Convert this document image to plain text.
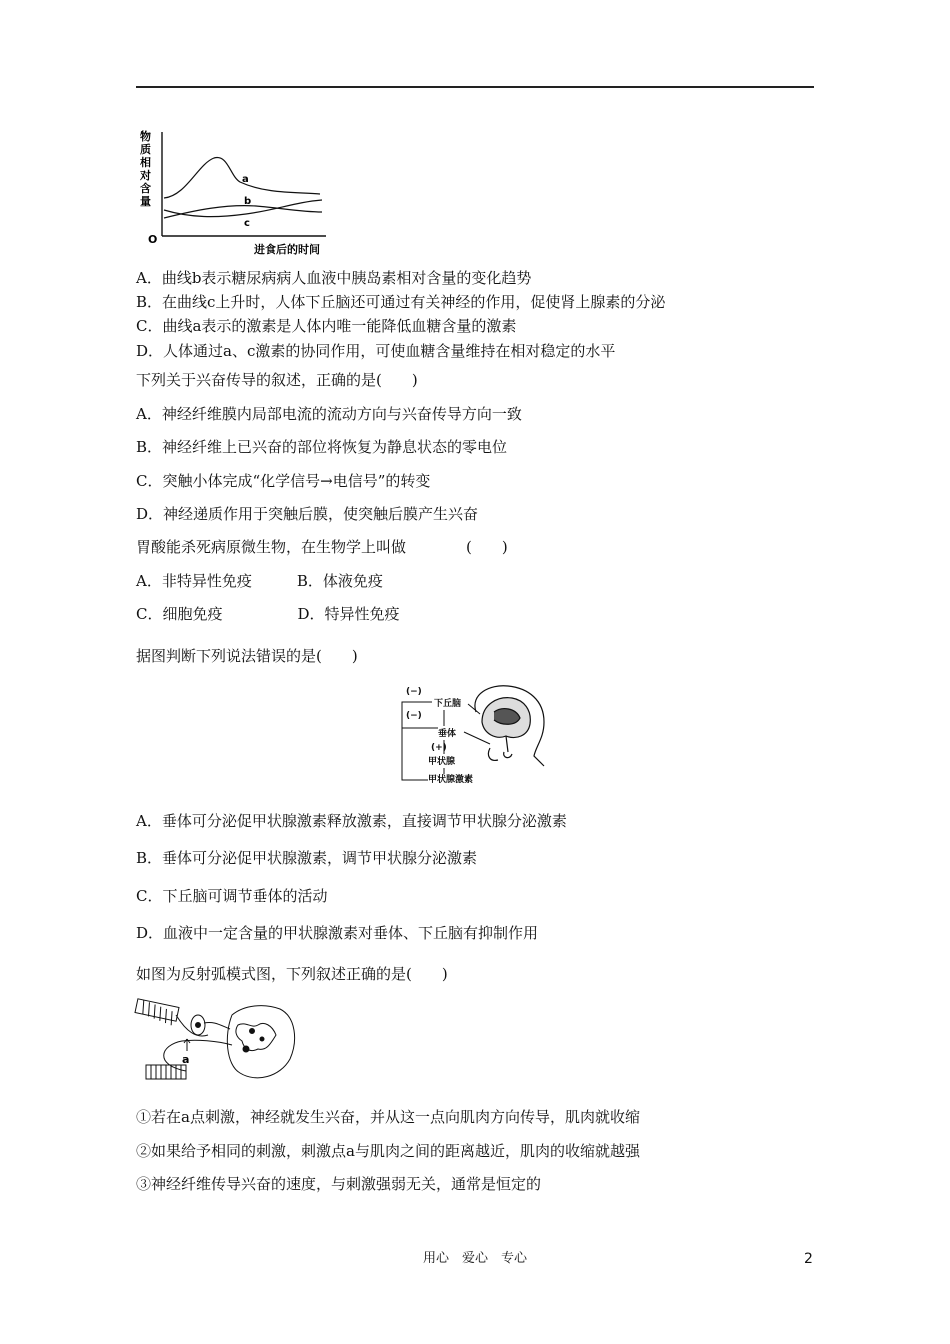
物质相对含量
O
进食后的时间
a
b
c
A．曲线b表示糖尿病病人血液中胰岛素相对含量的变化趋势
B．在曲线c上升时，人体下丘脑还可通过有关神经的作用，促使肾上腺素的分泌
C．曲线a表示的激素是人体内唯一能降低血糖含量的激素
D．人体通过a、c激素的协同作用，可使血糖含量维持在相对稳定的水平
下列关于兴奋传导的叙述，正确的是(　　)
A．神经纤维膜内局部电流的流动方向与兴奋传导方向一致
B．神经纤维上已兴奋的部位将恢复为静息状态的零电位
C．突触小体完成“化学信号→电信号”的转变
D．神经递质作用于突触后膜，使突触后膜产生兴奋
胃酸能杀死病原微生物，在生物学上叫做　　　　(　　)
A．非特异性免疫　　　B．体液免疫
C．细胞免疫　　　　　D．特异性免疫
据图判断下列说法错误的是(　　)
(−)
下丘脑
(−)
垂体
(+)
甲状腺
甲状腺激素
A．垂体可分泌促甲状腺激素释放激素，直接调节甲状腺分泌激素
B．垂体可分泌促甲状腺激素，调节甲状腺分泌激素
C．下丘脑可调节垂体的活动
D．血液中一定含量的甲状腺激素对垂体、下丘脑有抑制作用
如图为反射弧模式图，下列叙述正确的是(　　)
a
①若在a点刺激，神经就发生兴奋，并从这一点向肌肉方向传导，肌肉就收缩
②如果给予相同的刺激，刺激点a与肌肉之间的距离越近，肌肉的收缩就越强
③神经纤维传导兴奋的速度，与刺激强弱无关，通常是恒定的
用心　爱心　专心	2
